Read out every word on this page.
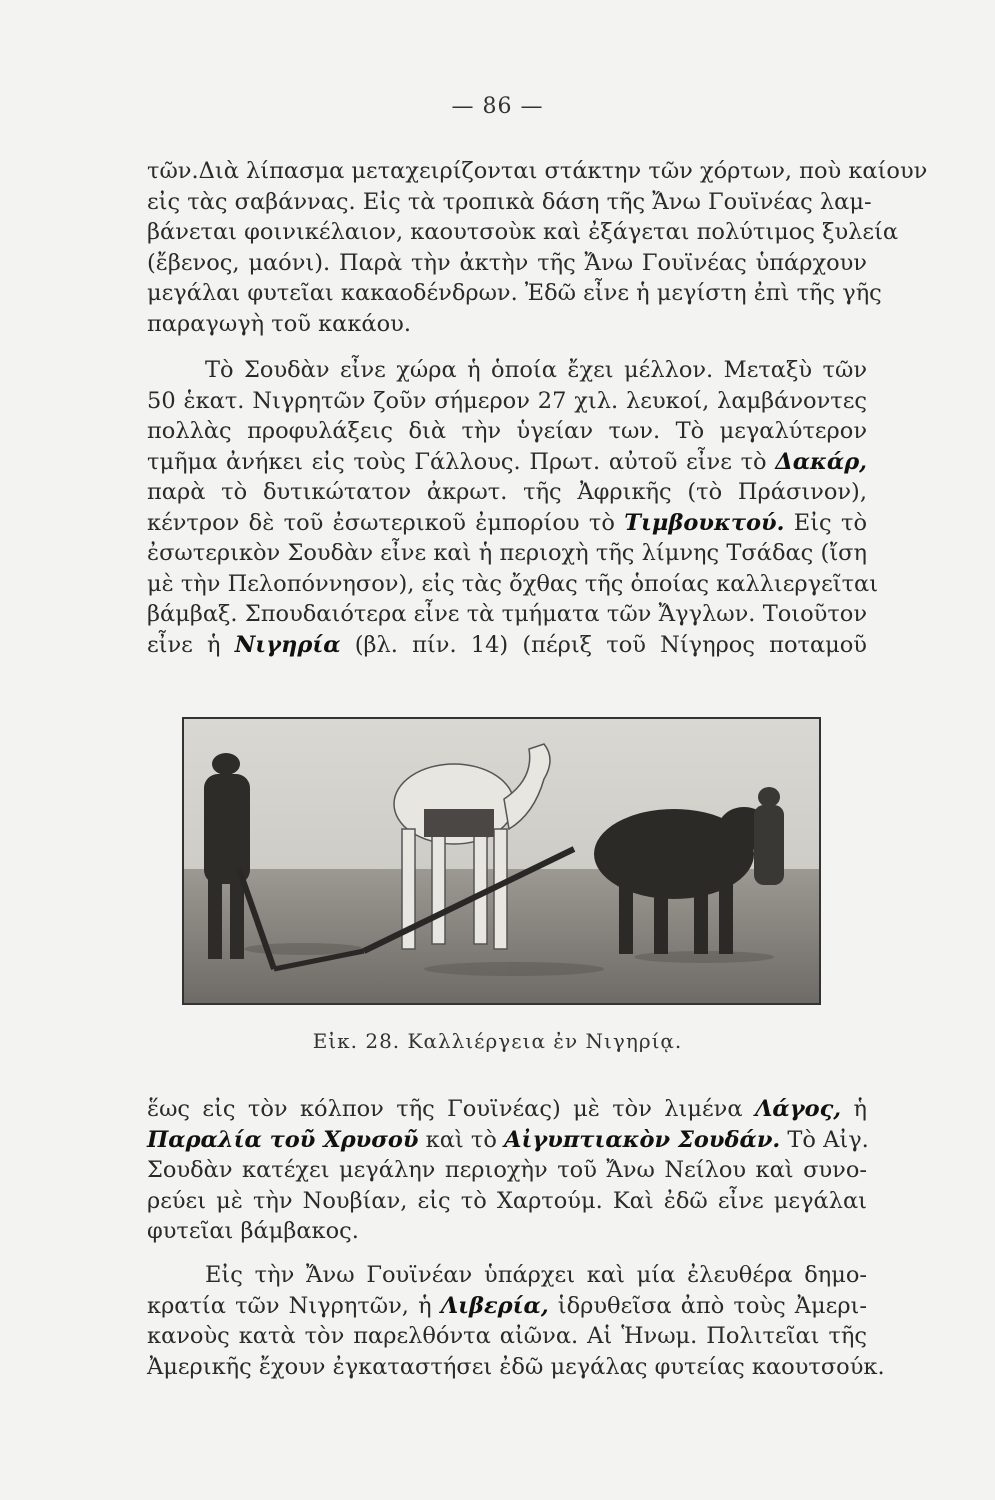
— 86 —
τῶν.Διὰ λίπασμα μεταχειρίζονται στάκτην τῶν χόρτων, ποὺ καίουν
εἰς τὰς σαβάννας. Εἰς τὰ τροπικὰ δάση τῆς Ἄνω Γουϊνέας λαμ-
βάνεται φοινικέλαιον, καουτσοὺκ καὶ ἐξάγεται πολύτιμος ξυλεία
(ἔβενος, μαόνι). Παρὰ τὴν ἀκτὴν τῆς Ἄνω Γουϊνέας ὑπάρχουν
μεγάλαι φυτεῖαι κακαοδένδρων. Ἐδῶ εἶνε ἡ μεγίστη ἐπὶ τῆς γῆς
παραγωγὴ τοῦ κακάου.
Τὸ Σουδὰν εἶνε χώρα ἡ ὁποία ἔχει μέλλον. Μεταξὺ τῶν
50 ἑκατ. Νιγρητῶν ζοῦν σήμερον 27 χιλ. λευκοί, λαμβάνοντες
πολλὰς προφυλάξεις διὰ τὴν ὑγείαν των. Τὸ μεγαλύτερον
τμῆμα ἀνήκει εἰς τοὺς Γάλλους. Πρωτ. αὐτοῦ εἶνε τὸ Δακάρ,
παρὰ τὸ δυτικώτατον ἀκρωτ. τῆς Ἀφρικῆς (τὸ Πράσινον),
κέντρον δὲ τοῦ ἐσωτερικοῦ ἐμπορίου τὸ Τιμβουκτού. Εἰς τὸ
ἐσωτερικὸν Σουδὰν εἶνε καὶ ἡ περιοχὴ τῆς λίμνης Τσάδας (ἴση
μὲ τὴν Πελοπόννησον), εἰς τὰς ὄχθας τῆς ὁποίας καλλιεργεῖται
βάμβαξ. Σπουδαιότερα εἶνε τὰ τμήματα τῶν Ἄγγλων. Τοιοῦτον
εἶνε ἡ Νιγηρία (βλ. πίν. 14) (πέριξ τοῦ Νίγηρος ποταμοῦ
Εἰκ. 28. Καλλιέργεια ἐν Νιγηρίᾳ.
ἕως εἰς τὸν κόλπον τῆς Γουϊνέας) μὲ τὸν λιμένα Λάγος, ἡ
Παραλία τοῦ Χρυσοῦ καὶ τὸ Αἰγυπτιακὸν Σουδάν. Τὸ Αἰγ.
Σουδὰν κατέχει μεγάλην περιοχὴν τοῦ Ἄνω Νείλου καὶ συνο-
ρεύει μὲ τὴν Νουβίαν, εἰς τὸ Χαρτούμ. Καὶ ἐδῶ εἶνε μεγάλαι
φυτεῖαι βάμβακος.
Εἰς τὴν Ἄνω Γουϊνέαν ὑπάρχει καὶ μία ἐλευθέρα δημο-
κρατία τῶν Νιγρητῶν, ἡ Λιβερία, ἱδρυθεῖσα ἀπὸ τοὺς Ἀμερι-
κανοὺς κατὰ τὸν παρελθόντα αἰῶνα. Αἱ Ἡνωμ. Πολιτεῖαι τῆς
Ἀμερικῆς ἔχουν ἐγκαταστήσει ἐδῶ μεγάλας φυτείας καουτσούκ.
